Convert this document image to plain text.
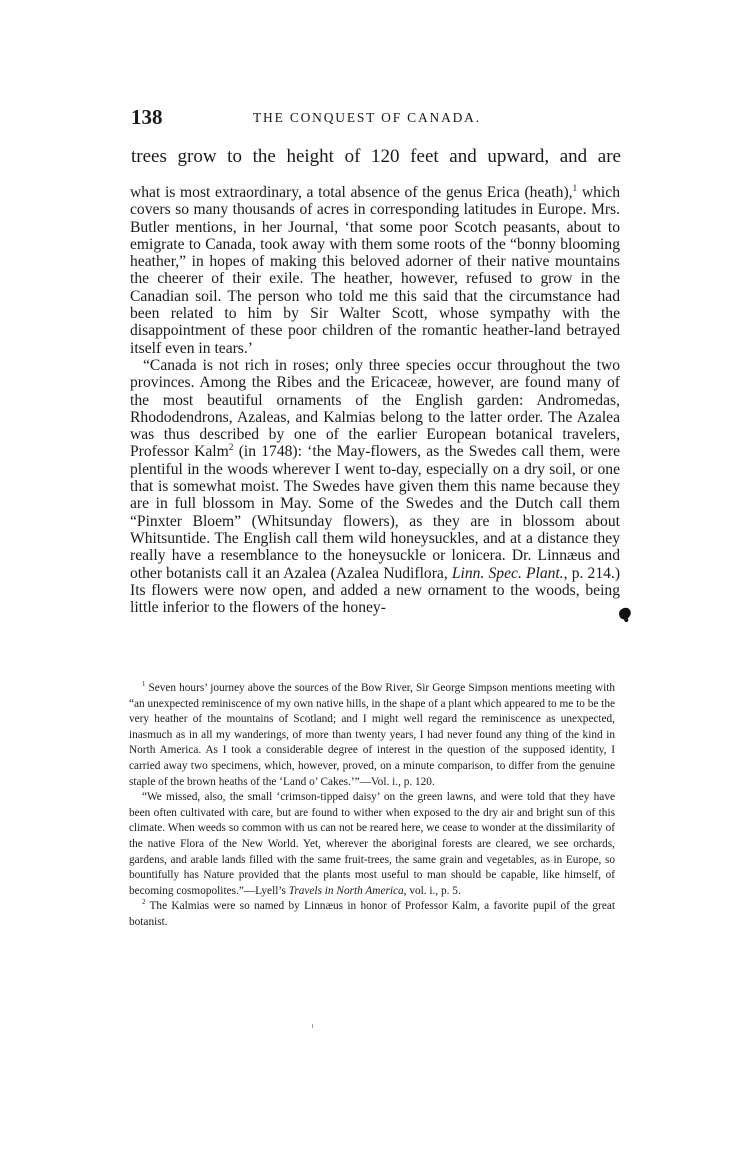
138	THE CONQUEST OF CANADA.
trees grow to the height of 120 feet and upward, and are

what is most extraordinary, a total absence of the genus Erica (heath),$^1$ which covers so many thousands of acres in corresponding latitudes in Europe. Mrs. Butler mentions, in her Journal, ‘that some poor Scotch peasants, about to emigrate to Canada, took away with them some roots of the “bonny blooming heather,” in hopes of making this beloved adorner of their native mountains the cheerer of their exile. The heather, however, refused to grow in the Canadian soil. The person who told me this said that the circumstance had been related to him by Sir Walter Scott, whose sympathy with the disappointment of these poor children of the romantic heather-land betrayed itself even in tears.’

“Canada is not rich in roses; only three species occur throughout the two provinces. Among the Ribes and the Ericaceæ, however, are found many of the most beautiful ornaments of the English garden: Andromedas, Rhododendrons, Azaleas, and Kalmias belong to the latter order. The Azalea was thus described by one of the earlier European botanical travelers, Professor Kalm$^2$ (in 1748): ‘the May-flowers, as the Swedes call them, were plentiful in the woods wherever I went to-day, especially on a dry soil, or one that is somewhat moist. The Swedes have given them this name because they are in full blossom in May. Some of the Swedes and the Dutch call them “Pinxter Bloem” (Whitsunday flowers), as they are in blossom about Whitsuntide. The English call them wild honeysuckles, and at a distance they really have a resemblance to the honeysuckle or lonicera. Dr. Linnæus and other botanists call it an Azalea (Azalea Nudiflora, Linn. Spec. Plant., p. 214.) Its flowers were now open, and added a new ornament to the woods, being little inferior to the flowers of the honey-

$^1$ Seven hours’ journey above the sources of the Bow River, Sir George Simpson mentions meeting with “an unexpected reminiscence of my own native hills, in the shape of a plant which appeared to me to be the very heather of the mountains of Scotland; and I might well regard the reminiscence as unexpected, inasmuch as in all my wanderings, of more than twenty years, I had never found any thing of the kind in North America. As I took a considerable degree of interest in the question of the supposed identity, I carried away two specimens, which, however, proved, on a minute comparison, to differ from the genuine staple of the brown heaths of the ‘Land o’ Cakes.’”—Vol. i., p. 120.

“We missed, also, the small ‘crimson-tipped daisy’ on the green lawns, and were told that they have been often cultivated with care, but are found to wither when exposed to the dry air and bright sun of this climate. When weeds so common with us can not be reared here, we cease to wonder at the dissimilarity of the native Flora of the New World. Yet, wherever the aboriginal forests are cleared, we see orchards, gardens, and arable lands filled with the same fruit-trees, the same grain and vegetables, as in Europe, so bountifully has Nature provided that the plants most useful to man should be capable, like himself, of becoming cosmopolites.”—Lyell’s Travels in North America, vol. i., p. 5.

$^2$ The Kalmias were so named by Linnæus in honor of Professor Kalm, a favorite pupil of the great botanist.
